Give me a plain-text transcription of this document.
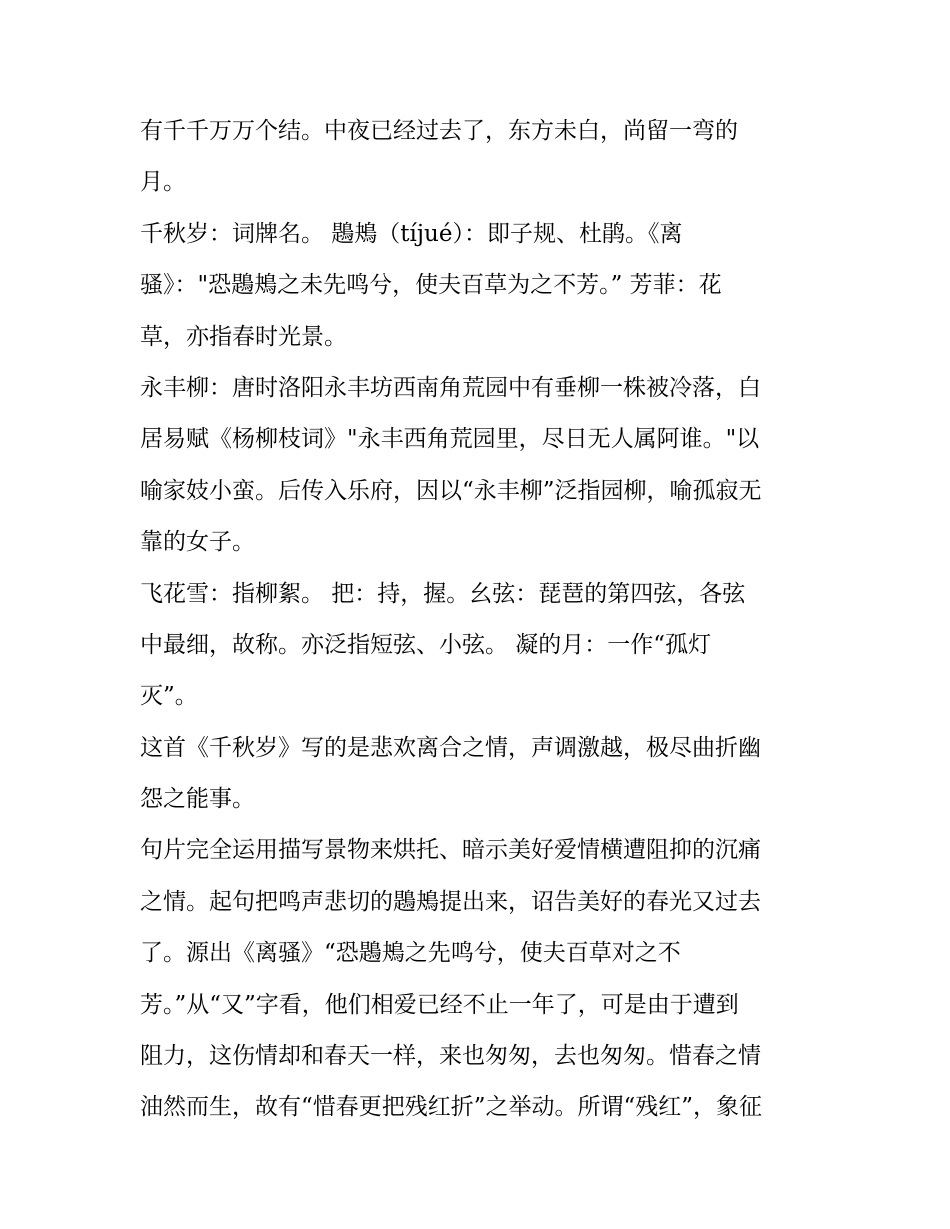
有千千万万个结。中夜已经过去了，东方未白，尚留一弯的
月。
千秋岁：词牌名。 鶗鴂（tíjué）：即子规、杜鹃。《离
骚》："恐鶗鴂之未先鸣兮，使夫百草为之不芳。” 芳菲：花
草，亦指春时光景。
永丰柳：唐时洛阳永丰坊西南角荒园中有垂柳一株被冷落，白
居易赋《杨柳枝词》"永丰西角荒园里，尽日无人属阿谁。"以
喻家妓小蛮。后传入乐府，因以“永丰柳”泛指园柳，喻孤寂无
靠的女子。
飞花雪：指柳絮。 把：持，握。幺弦：琵琶的第四弦，各弦
中最细，故称。亦泛指短弦、小弦。 凝的月：一作“孤灯
灭”。
这首《千秋岁》写的是悲欢离合之情，声调激越，极尽曲折幽
怨之能事。
句片完全运用描写景物来烘托、暗示美好爱情横遭阻抑的沉痛
之情。起句把鸣声悲切的鶗鴂提出来，诏告美好的春光又过去
了。源出《离骚》“恐鶗鴂之先鸣兮，使夫百草对之不
芳。”从“又”字看，他们相爱已经不止一年了，可是由于遭到
阻力，这伤情却和春天一样，来也匆匆，去也匆匆。惜春之情
油然而生，故有“惜春更把残红折”之举动。所谓“残红”，象征
